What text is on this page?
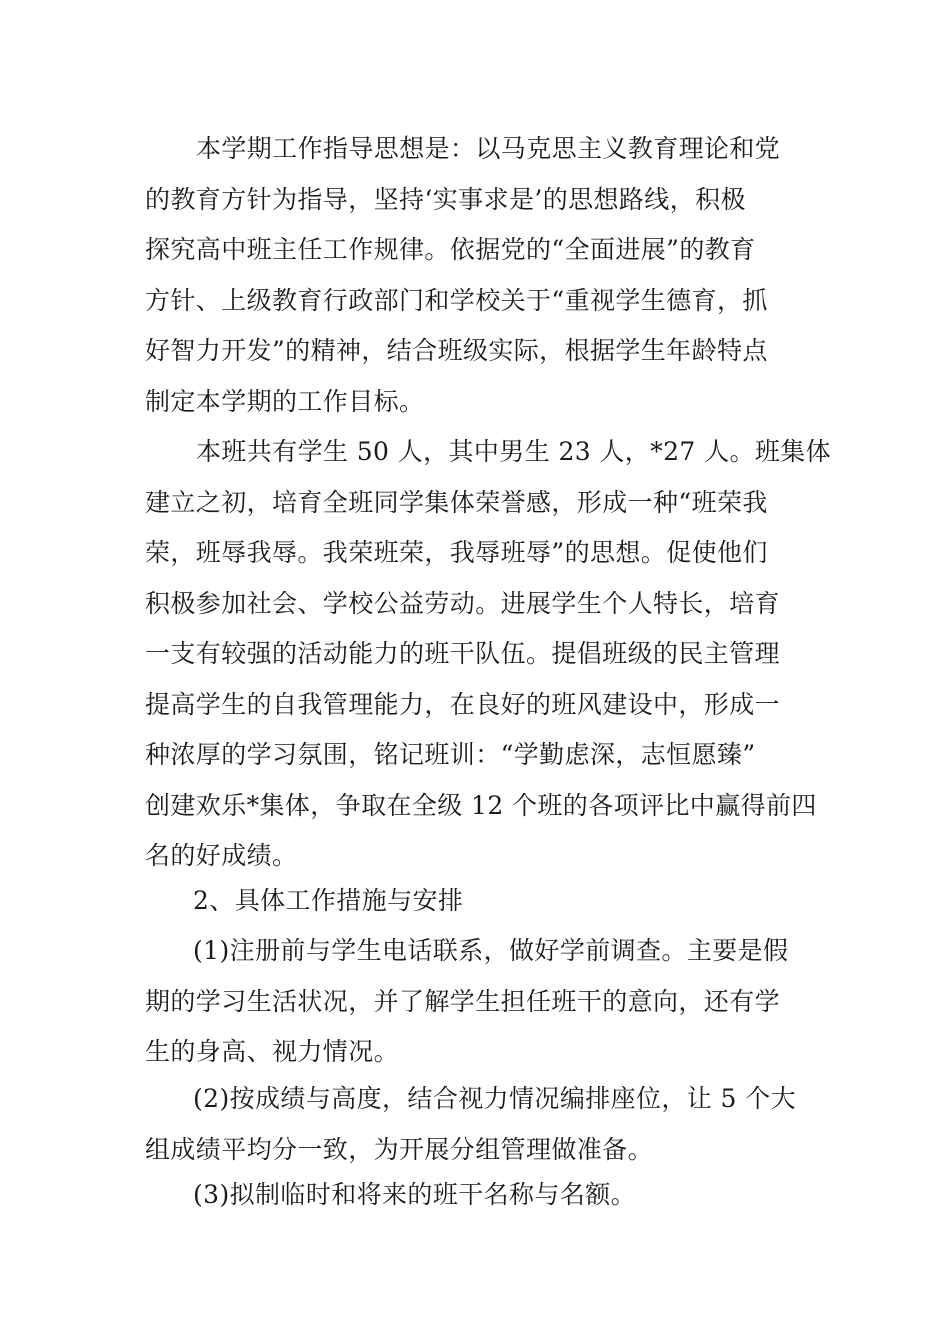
本学期工作指导思想是：以马克思主义教育理论和党
的教育方针为指导，坚持‘实事求是’的思想路线，积极
探究高中班主任工作规律。依据党的“全面进展”的教育
方针、上级教育行政部门和学校关于“重视学生德育，抓
好智力开发”的精神，结合班级实际，根据学生年龄特点
制定本学期的工作目标。

本班共有学生 50 人，其中男生 23 人，*27 人。班集体
建立之初，培育全班同学集体荣誉感，形成一种“班荣我
荣，班辱我辱。我荣班荣，我辱班辱”的思想。促使他们
积极参加社会、学校公益劳动。进展学生个人特长，培育
一支有较强的活动能力的班干队伍。提倡班级的民主管理
提高学生的自我管理能力，在良好的班风建设中，形成一
种浓厚的学习氛围，铭记班训：“学勤虑深，志恒愿臻”
创建欢乐*集体，争取在全级 12 个班的各项评比中赢得前四
名的好成绩。

2、具体工作措施与安排

(1)注册前与学生电话联系，做好学前调查。主要是假
期的学习生活状况，并了解学生担任班干的意向，还有学
生的身高、视力情况。

(2)按成绩与高度，结合视力情况编排座位，让 5 个大
组成绩平均分一致，为开展分组管理做准备。

(3)拟制临时和将来的班干名称与名额。
